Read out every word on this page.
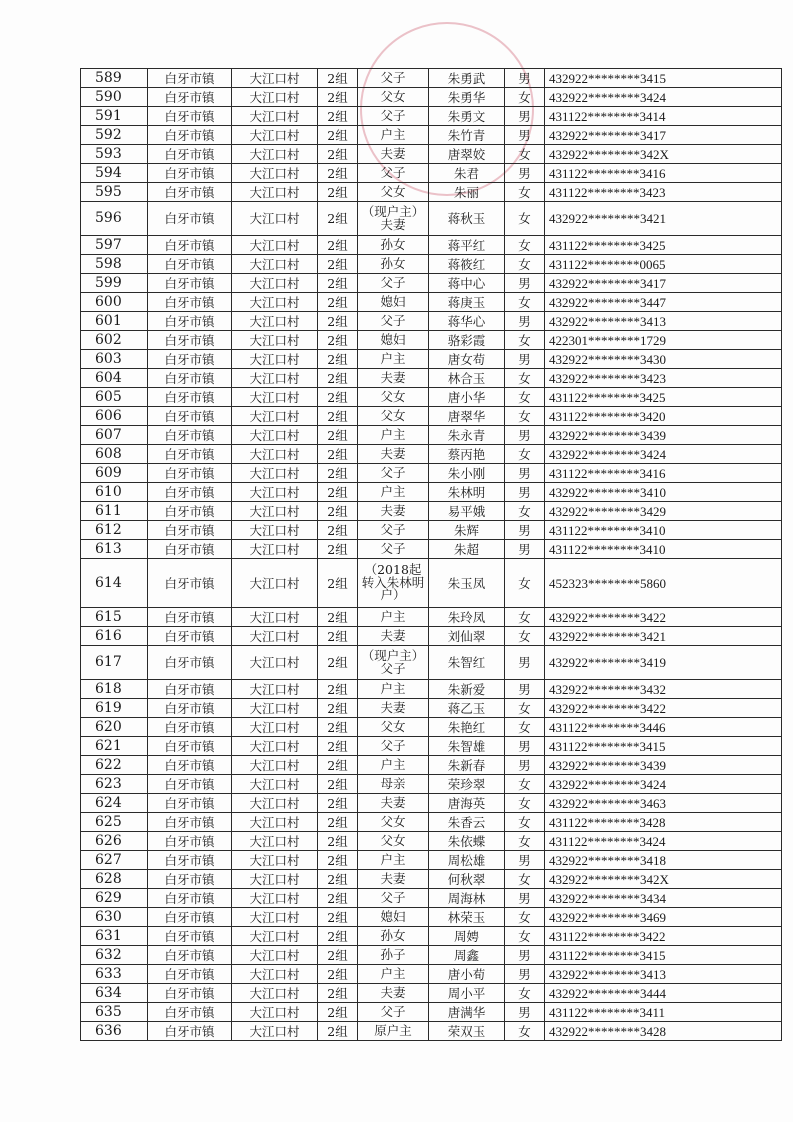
589	白牙市镇	大江口村	2组	父子	朱勇武	男	432922********3415
590	白牙市镇	大江口村	2组	父女	朱勇华	女	432922********3424
591	白牙市镇	大江口村	2组	父子	朱勇文	男	431122********3414
592	白牙市镇	大江口村	2组	户主	朱竹青	男	432922********3417
593	白牙市镇	大江口村	2组	夫妻	唐翠姣	女	432922********342X
594	白牙市镇	大江口村	2组	父子	朱君	男	431122********3416
595	白牙市镇	大江口村	2组	父女	朱丽	女	431122********3423
596	白牙市镇	大江口村	2组	（现户主）夫妻	蒋秋玉	女	432922********3421
597	白牙市镇	大江口村	2组	孙女	蒋平红	女	431122********3425
598	白牙市镇	大江口村	2组	孙女	蒋筱红	女	431122********0065
599	白牙市镇	大江口村	2组	父子	蒋中心	男	432922********3417
600	白牙市镇	大江口村	2组	媳妇	蒋庚玉	女	432922********3447
601	白牙市镇	大江口村	2组	父子	蒋华心	男	432922********3413
602	白牙市镇	大江口村	2组	媳妇	骆彩霞	女	422301********1729
603	白牙市镇	大江口村	2组	户主	唐女苟	男	432922********3430
604	白牙市镇	大江口村	2组	夫妻	林合玉	女	432922********3423
605	白牙市镇	大江口村	2组	父女	唐小华	女	431122********3425
606	白牙市镇	大江口村	2组	父女	唐翠华	女	431122********3420
607	白牙市镇	大江口村	2组	户主	朱永青	男	432922********3439
608	白牙市镇	大江口村	2组	夫妻	蔡丙艳	女	432922********3424
609	白牙市镇	大江口村	2组	父子	朱小刚	男	431122********3416
610	白牙市镇	大江口村	2组	户主	朱林明	男	432922********3410
611	白牙市镇	大江口村	2组	夫妻	易平娥	女	432922********3429
612	白牙市镇	大江口村	2组	父子	朱辉	男	431122********3410
613	白牙市镇	大江口村	2组	父子	朱超	男	431122********3410
614	白牙市镇	大江口村	2组	（2018起转入朱林明户）	朱玉凤	女	452323********5860
615	白牙市镇	大江口村	2组	户主	朱玲凤	女	432922********3422
616	白牙市镇	大江口村	2组	夫妻	刘仙翠	女	432922********3421
617	白牙市镇	大江口村	2组	（现户主）父子	朱智红	男	432922********3419
618	白牙市镇	大江口村	2组	户主	朱新爱	男	432922********3432
619	白牙市镇	大江口村	2组	夫妻	蒋乙玉	女	432922********3422
620	白牙市镇	大江口村	2组	父女	朱艳红	女	431122********3446
621	白牙市镇	大江口村	2组	父子	朱智雄	男	431122********3415
622	白牙市镇	大江口村	2组	户主	朱新春	男	432922********3439
623	白牙市镇	大江口村	2组	母亲	荣珍翠	女	432922********3424
624	白牙市镇	大江口村	2组	夫妻	唐海英	女	432922********3463
625	白牙市镇	大江口村	2组	父女	朱香云	女	431122********3428
626	白牙市镇	大江口村	2组	父女	朱依蝶	女	431122********3424
627	白牙市镇	大江口村	2组	户主	周松雄	男	432922********3418
628	白牙市镇	大江口村	2组	夫妻	何秋翠	女	432922********342X
629	白牙市镇	大江口村	2组	父子	周海林	男	432922********3434
630	白牙市镇	大江口村	2组	媳妇	林荣玉	女	432922********3469
631	白牙市镇	大江口村	2组	孙女	周娉	女	431122********3422
632	白牙市镇	大江口村	2组	孙子	周鑫	男	431122********3415
633	白牙市镇	大江口村	2组	户主	唐小荀	男	432922********3413
634	白牙市镇	大江口村	2组	夫妻	周小平	女	432922********3444
635	白牙市镇	大江口村	2组	父子	唐满华	男	431122********3411
636	白牙市镇	大江口村	2组	原户主	荣双玉	女	432922********3428
